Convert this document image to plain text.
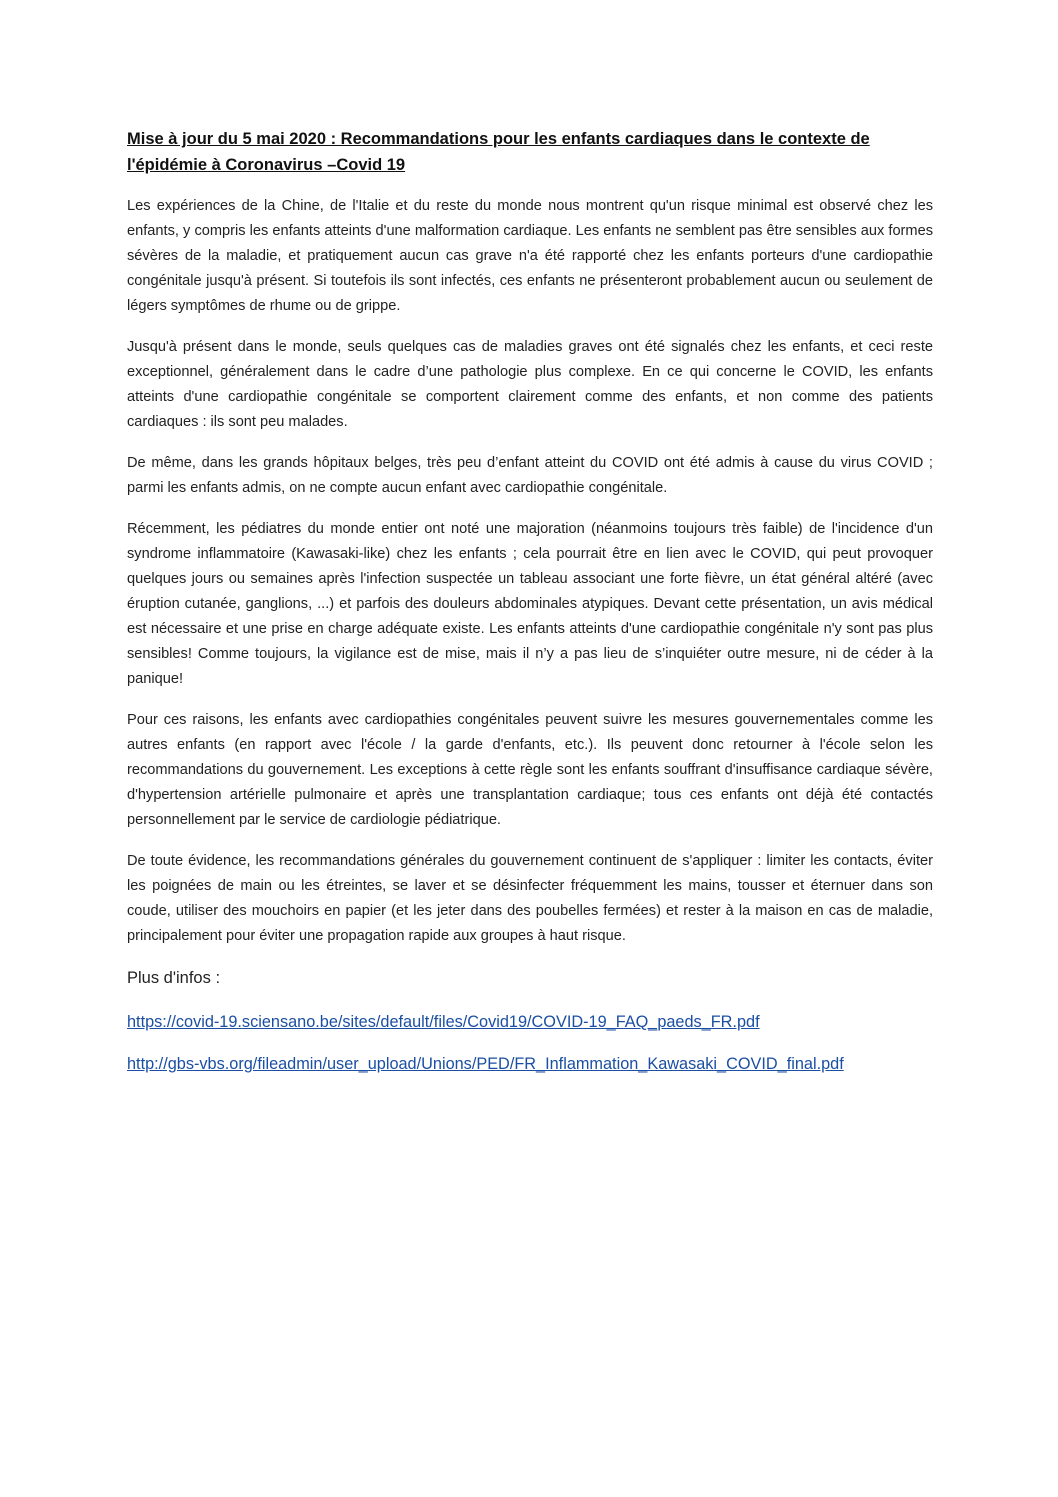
Mise à jour du 5 mai 2020 : Recommandations pour les enfants cardiaques dans le contexte de l'épidémie à Coronavirus –Covid 19

Les expériences de la Chine, de l'Italie et du reste du monde nous montrent qu'un risque minimal est observé chez les enfants, y compris les enfants atteints d'une malformation cardiaque. Les enfants ne semblent pas être sensibles aux formes sévères de la maladie, et pratiquement aucun cas grave n'a été rapporté chez les enfants porteurs d'une cardiopathie congénitale jusqu'à présent. Si toutefois ils sont infectés, ces enfants ne présenteront probablement aucun ou seulement de légers symptômes de rhume ou de grippe.

Jusqu'à présent dans le monde, seuls quelques cas de maladies graves ont été signalés chez les enfants, et ceci reste exceptionnel, généralement dans le cadre d’une pathologie plus complexe. En ce qui concerne le COVID, les enfants atteints d'une cardiopathie congénitale se comportent clairement comme des enfants, et non comme des patients cardiaques : ils sont peu malades.

De même, dans les grands hôpitaux belges, très peu d’enfant atteint du COVID ont été admis à cause du virus COVID ; parmi les enfants admis, on ne compte aucun enfant avec cardiopathie congénitale.

Récemment, les pédiatres du monde entier ont noté une majoration (néanmoins toujours très faible) de l'incidence d'un syndrome inflammatoire (Kawasaki-like) chez les enfants ; cela pourrait être en lien avec le COVID, qui peut provoquer quelques jours ou semaines après l'infection suspectée un tableau associant une forte fièvre, un état général altéré (avec éruption cutanée, ganglions, ...) et parfois des douleurs abdominales atypiques. Devant cette présentation, un avis médical est nécessaire et une prise en charge adéquate existe. Les enfants atteints d'une cardiopathie congénitale n'y sont pas plus sensibles! Comme toujours, la vigilance est de mise, mais il n’y a pas lieu de s’inquiéter outre mesure, ni de céder à la panique!

Pour ces raisons, les enfants avec cardiopathies congénitales peuvent suivre les mesures gouvernementales comme les autres enfants (en rapport avec l'école / la garde d'enfants, etc.). Ils peuvent donc retourner à l'école selon les recommandations du gouvernement. Les exceptions à cette règle sont les enfants souffrant d'insuffisance cardiaque sévère, d'hypertension artérielle pulmonaire et après une transplantation cardiaque; tous ces enfants ont déjà été contactés personnellement par le service de cardiologie pédiatrique.

De toute évidence, les recommandations générales du gouvernement continuent de s'appliquer : limiter les contacts, éviter les poignées de main ou les étreintes, se laver et se désinfecter fréquemment les mains, tousser et éternuer dans son coude, utiliser des mouchoirs en papier (et les jeter dans des poubelles fermées) et rester à la maison en cas de maladie, principalement pour éviter une propagation rapide aux groupes à haut risque.

Plus d'infos :

https://covid-19.sciensano.be/sites/default/files/Covid19/COVID-19_FAQ_paeds_FR.pdf
http://gbs-vbs.org/fileadmin/user_upload/Unions/PED/FR_Inflammation_Kawasaki_COVID_final.pdf
